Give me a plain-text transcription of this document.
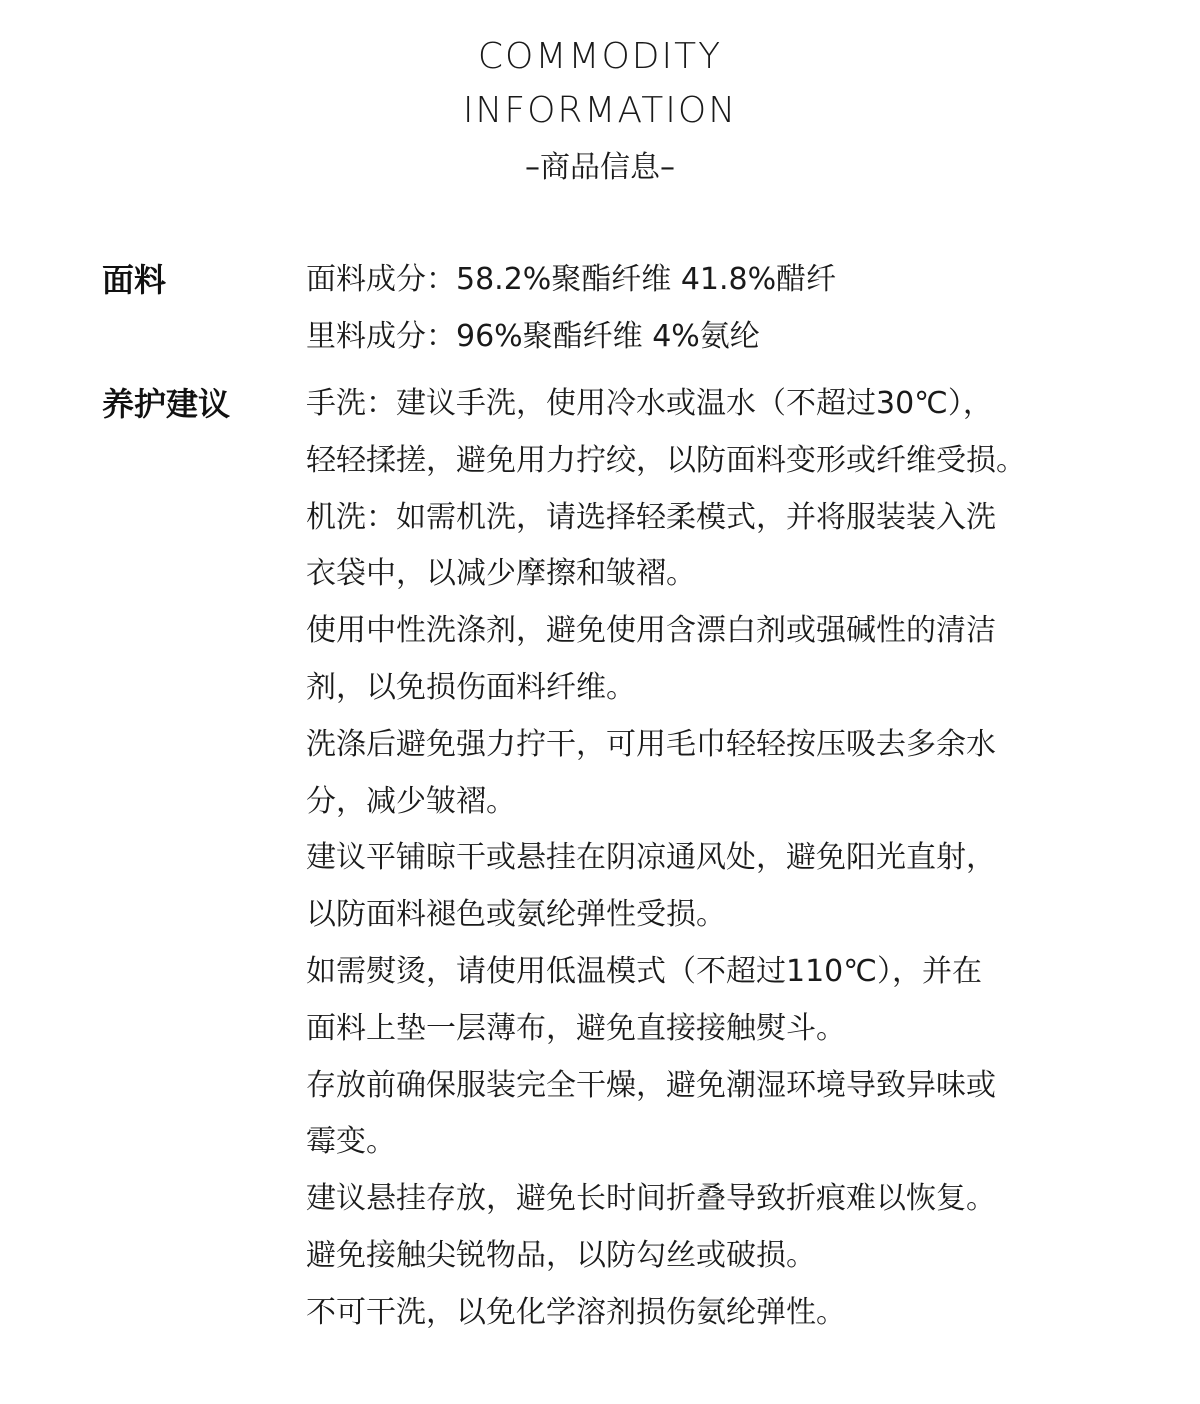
COMMODITY
INFORMATION
–商品信息–
面料	面料成分：58.2%聚酯纤维 41.8%醋纤
里料成分：96%聚酯纤维 4%氨纶
养护建议	手洗：建议手洗，使用冷水或温水（不超过30℃），
轻轻揉搓，避免用力拧绞，以防面料变形或纤维受损。
机洗：如需机洗，请选择轻柔模式，并将服装装入洗
衣袋中，以减少摩擦和皱褶。
使用中性洗涤剂，避免使用含漂白剂或强碱性的清洁
剂，以免损伤面料纤维。
洗涤后避免强力拧干，可用毛巾轻轻按压吸去多余水
分，减少皱褶。
建议平铺晾干或悬挂在阴凉通风处，避免阳光直射，
以防面料褪色或氨纶弹性受损。
如需熨烫，请使用低温模式（不超过110℃），并在
面料上垫一层薄布，避免直接接触熨斗。
存放前确保服装完全干燥，避免潮湿环境导致异味或
霉变。
建议悬挂存放，避免长时间折叠导致折痕难以恢复。
避免接触尖锐物品，以防勾丝或破损。
不可干洗，以免化学溶剂损伤氨纶弹性。
